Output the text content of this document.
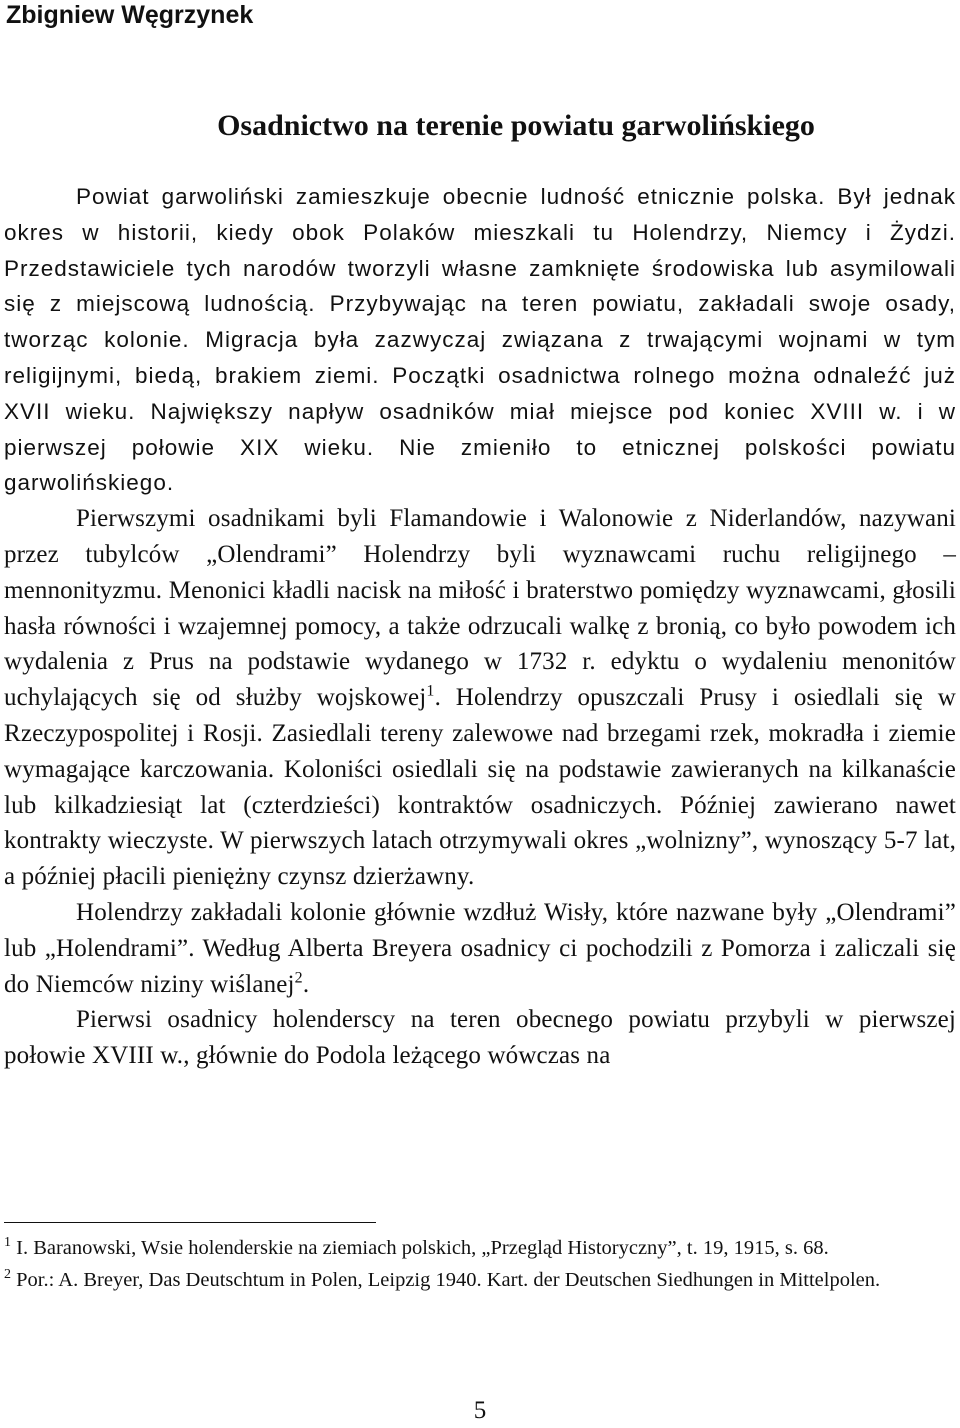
Zbigniew Węgrzynek
Osadnictwo na terenie powiatu garwolińskiego

Powiat garwoliński zamieszkuje obecnie ludność etnicznie polska. Był jednak okres w historii, kiedy obok Polaków mieszkali tu Holendrzy, Niemcy i Żydzi. Przedstawiciele tych narodów tworzyli własne zamknięte środowiska lub asymilowali się z miejscową ludnością. Przybywając na teren powiatu, zakładali swoje osady, tworząc kolonie. Migracja była zazwyczaj związana z trwającymi wojnami w tym religijnymi, biedą, brakiem ziemi. Początki osadnictwa rolnego można odnaleźć już XVII wieku. Największy napływ osadników miał miejsce pod koniec XVIII w. i w pierwszej połowie XIX wieku. Nie zmieniło to etnicznej polskości powiatu garwolińskiego.

Pierwszymi osadnikami byli Flamandowie i Walonowie z Niderlandów, nazywani przez tubylców „Olendrami” Holendrzy byli wyznawcami ruchu religijnego – mennonityzmu. Menonici kładli nacisk na miłość i braterstwo pomiędzy wyznawcami, głosili hasła równości i wzajemnej pomocy, a także odrzucali walkę z bronią, co było powodem ich wydalenia z Prus na podstawie wydanego w 1732 r. edyktu o wydaleniu menonitów uchylających się od służby wojskowej$^1$. Holendrzy opuszczali Prusy i osiedlali się w Rzeczypospolitej i Rosji. Zasiedlali tereny zalewowe nad brzegami rzek, mokradła i ziemie wymagające karczowania. Koloniści osiedlali się na podstawie zawieranych na kilkanaście lub kilkadziesiąt lat (czterdzieści) kontraktów osadniczych. Później zawierano nawet kontrakty wieczyste. W pierwszych latach otrzymywali okres „wolnizny”, wynoszący 5-7 lat, a później płacili pieniężny czynsz dzierżawny.

Holendrzy zakładali kolonie głównie wzdłuż Wisły, które nazwane były „Olendrami” lub „Holendrami”. Według Alberta Breyera osadnicy ci pochodzili z Pomorza i zaliczali się do Niemców niziny wiślanej$^2$.

Pierwsi osadnicy holenderscy na teren obecnego powiatu przybyli w pierwszej połowie XVIII w., głównie do Podola leżącego wówczas na

$^1$ I. Baranowski, Wsie holenderskie na ziemiach polskich, „Przegląd Historyczny”, t. 19, 1915, s. 68.

$^2$ Por.: A. Breyer, Das Deutschtum in Polen, Leipzig 1940. Kart. der Deutschen Siedhungen in Mittelpolen.

5
